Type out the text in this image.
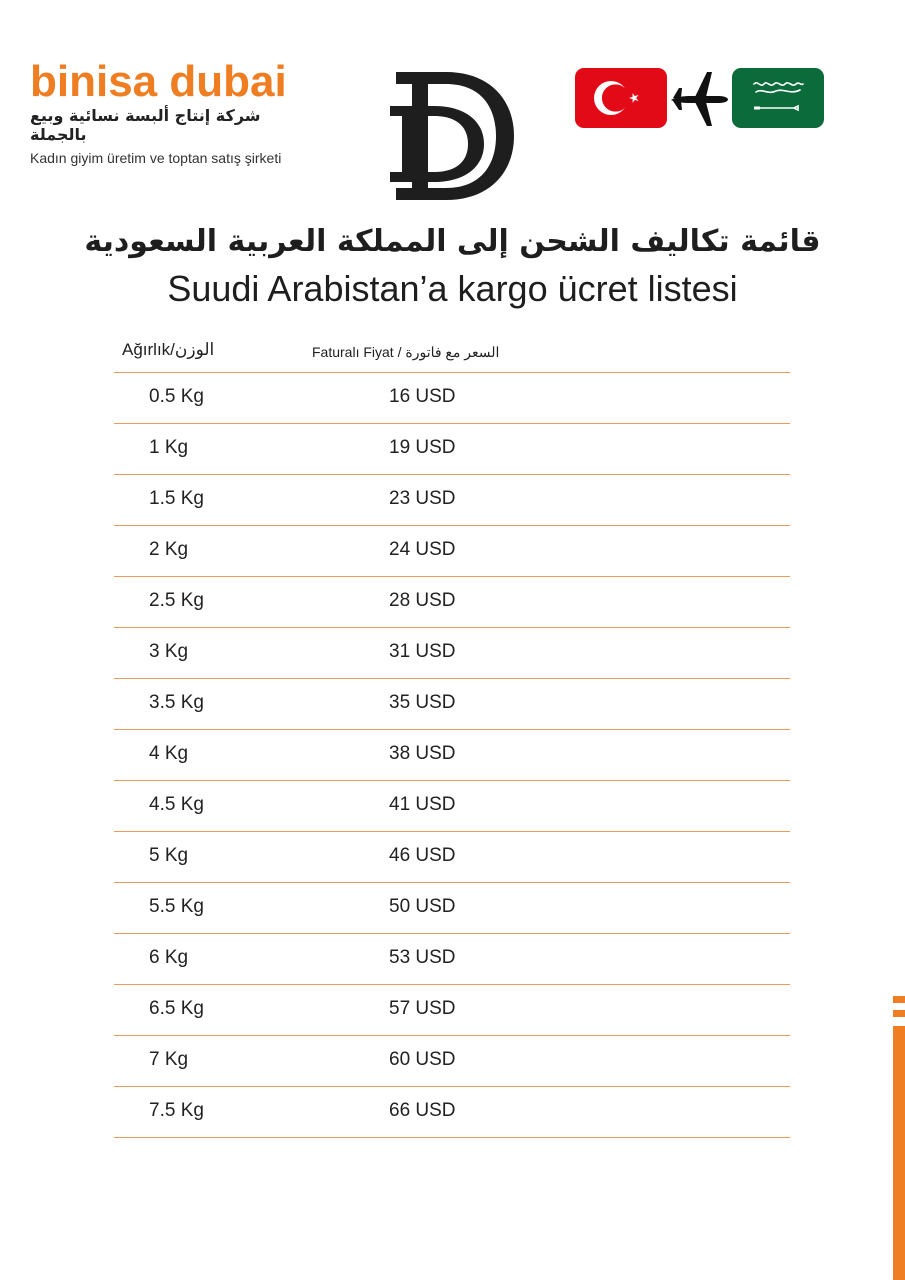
binisa dubai
شركة إنتاج ألبسة نسائية وبيع بالجملة
Kadın giyim üretim ve toptan satış şirketi
قائمة تكاليف الشحن إلى المملكة العربية السعودية
Suudi Arabistan’a kargo ücret listesi
Ağırlık/الوزن	Faturalı Fiyat / السعر مع فاتورة
0.5 Kg	16 USD
1 Kg	19 USD
1.5 Kg	23 USD
2 Kg	24 USD
2.5 Kg	28 USD
3 Kg	31 USD
3.5 Kg	35 USD
4 Kg	38 USD
4.5 Kg	41 USD
5 Kg	46 USD
5.5 Kg	50 USD
6 Kg	53 USD
6.5 Kg	57 USD
7 Kg	60 USD
7.5 Kg	66 USD
